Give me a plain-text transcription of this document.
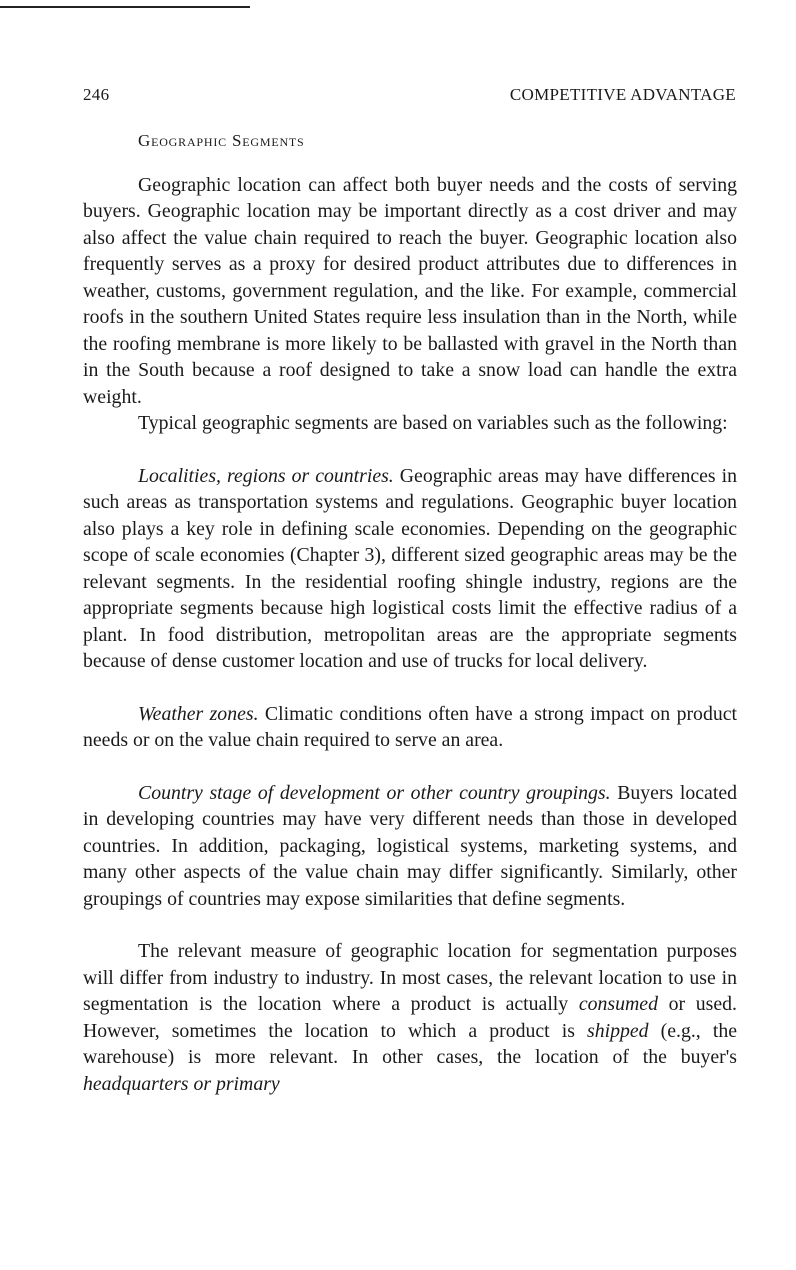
246	COMPETITIVE ADVANTAGE

Geographic Segments

Geographic location can affect both buyer needs and the costs of serving buyers. Geographic location may be important directly as a cost driver and may also affect the value chain required to reach the buyer. Geographic location also frequently serves as a proxy for desired product attributes due to differences in weather, customs, government regulation, and the like. For example, commercial roofs in the southern United States require less insulation than in the North, while the roofing membrane is more likely to be ballasted with gravel in the North than in the South because a roof designed to take a snow load can handle the extra weight.

Typical geographic segments are based on variables such as the following:

Localities, regions or countries. Geographic areas may have differences in such areas as transportation systems and regulations. Geographic buyer location also plays a key role in defining scale economies. Depending on the geographic scope of scale economies (Chapter 3), different sized geographic areas may be the relevant segments. In the residential roofing shingle industry, regions are the appropriate segments because high logistical costs limit the effective radius of a plant. In food distribution, metropolitan areas are the appropriate segments because of dense customer location and use of trucks for local delivery.

Weather zones. Climatic conditions often have a strong impact on product needs or on the value chain required to serve an area.

Country stage of development or other country groupings. Buyers located in developing countries may have very different needs than those in developed countries. In addition, packaging, logistical systems, marketing systems, and many other aspects of the value chain may differ significantly. Similarly, other groupings of countries may expose similarities that define segments.

The relevant measure of geographic location for segmentation purposes will differ from industry to industry. In most cases, the relevant location to use in segmentation is the location where a product is actually consumed or used. However, sometimes the location to which a product is shipped (e.g., the warehouse) is more relevant. In other cases, the location of the buyer's headquarters or primary
